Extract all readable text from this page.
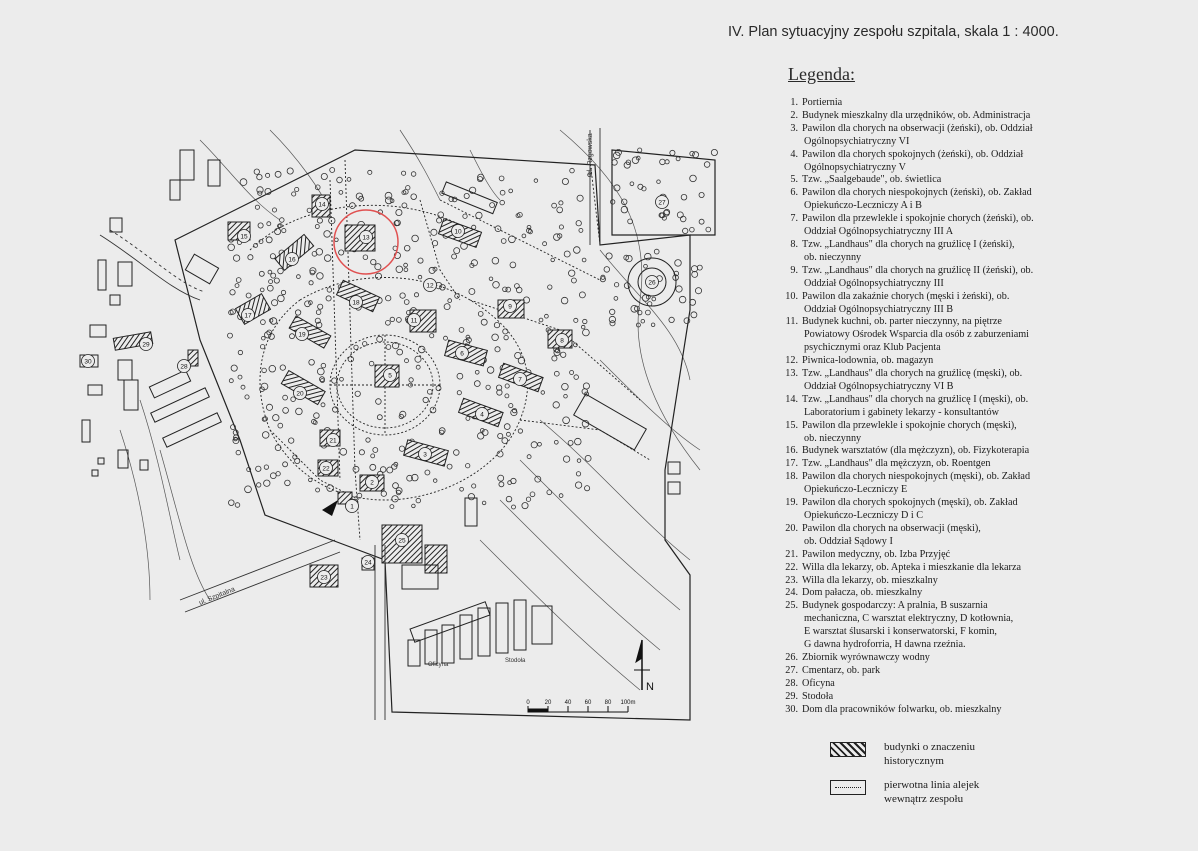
IV. Plan sytuacyjny zespołu szpitala, skala 1 : 4000.
Legenda:
1. Portiernia
2. Budynek mieszkalny dla urzędników, ob. Administracja
3. Pawilon dla chorych na obserwacji (żeński), ob. Oddział
Ogólnopsychiatryczny VI
4. Pawilon dla chorych spokojnych (żeński), ob. Oddział
Ogólnopsychiatryczny V
5. Tzw. „Saalgebaude", ob. świetlica
6. Pawilon dla chorych niespokojnych (żeński), ob. Zakład
Opiekuńczo-Leczniczy A i B
7. Pawilon dla przewlekle i spokojnie chorych (żeński), ob.
Oddział Ogólnopsychiatryczny III A
8. Tzw. „Landhaus" dla chorych na gruźlicę I (żeński),
ob. nieczynny
9. Tzw. „Landhaus" dla chorych na gruźlicę II (żeński), ob.
Oddział Ogólnopsychiatryczny III
10. Pawilon dla zakaźnie chorych (męski i żeński), ob.
Oddział Ogólnopsychiatryczny III B
11. Budynek kuchni, ob. parter nieczynny, na piętrze
Powiatowy Ośrodek Wsparcia dla osób z zaburzeniami
psychicznymi oraz Klub Pacjenta
12. Piwnica-lodownia, ob. magazyn
13. Tzw. „Landhaus" dla chorych na gruźlicę (męski), ob.
Oddział Ogólnopsychiatryczny VI B
14. Tzw. „Landhaus" dla chorych na gruźlicę I (męski), ob.
Laboratorium i gabinety lekarzy - konsultantów
15. Pawilon dla przewlekle i spokojnie chorych (męski),
ob. nieczynny
16. Budynek warsztatów (dla mężczyzn), ob. Fizykoterapia
17. Tzw. „Landhaus" dla mężczyzn, ob. Roentgen
18. Pawilon dla chorych niespokojnych (męski), ob. Zakład
Opiekuńczo-Leczniczy E
19. Pawilon dla chorych spokojnych (męski), ob. Zakład
Opiekuńczo-Leczniczy D i C
20. Pawilon dla chorych na obserwacji (męski),
ob. Oddział Sądowy I
21. Pawilon medyczny, ob. Izba Przyjęć
22. Willa dla lekarzy, ob. Apteka i mieszkanie dla lekarza
23. Willa dla lekarzy, ob. mieszkalny
24. Dom pałacza, ob. mieszkalny
25. Budynek gospodarczy: A pralnia, B suszarnia
mechaniczna, C warsztat elektryczny, D kotłownia,
E warsztat ślusarski i konserwatorski, F komin,
G dawna hydroforria, H dawna rzeźnia.
26. Zbiornik wyrównawczy wodny
27. Cmentarz, ob. park
28. Oficyna
29. Stodoła
30. Dom dla pracowników folwarku, ob. mieszkalny
budynki o znaczeniu historycznym
pierwotna linia alejek wewnątrz zespołu
1
2
3
4
5
6
7
8
9
10
11
12
13
14
15
16
17
18
19
20
21
22
23
24
25
26
27
28
29
30
N
0 20 40 60 80 100m
ul. Rzgowska
ul. Szpitalna
Oficyna
Stodoła
